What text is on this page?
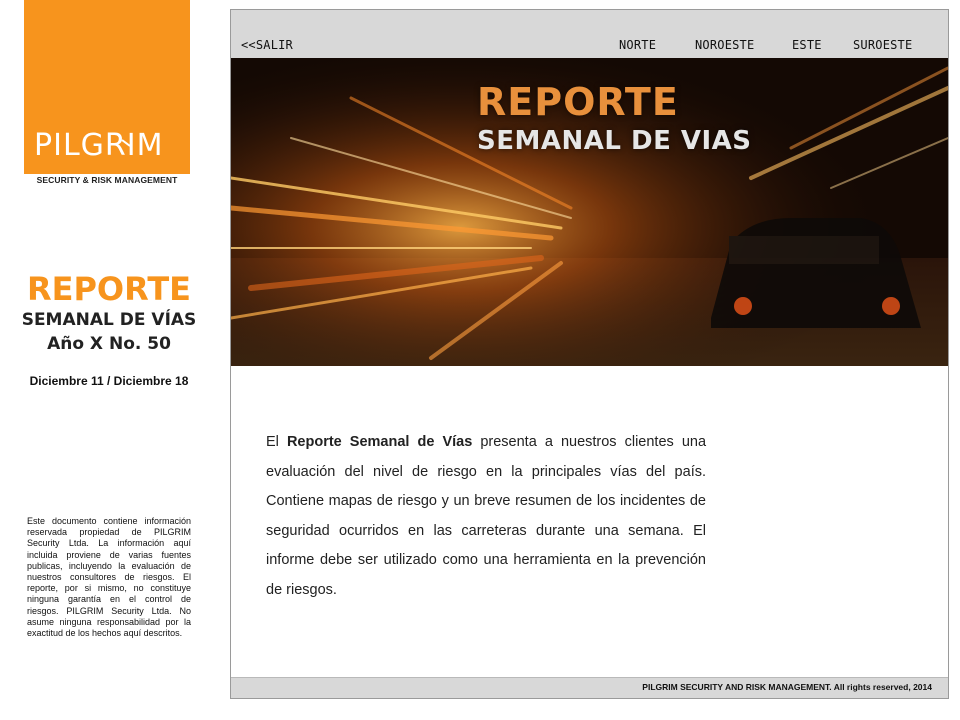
PILGRIM
SECURITY & RISK MANAGEMENT
REPORTE
SEMANAL DE VÍAS
Año X No. 50
Diciembre 11 / Diciembre 18
Este documento contiene información reservada propiedad de PILGRIM Security Ltda. La información aquí incluida proviene de varias fuentes publicas, incluyendo la evaluación de nuestros consultores de riesgos. El reporte, por si mismo, no constituye ninguna garantía en el control de riesgos. PILGRIM Security Ltda. No asume ninguna responsabilidad por la exactitud de los hechos aquí descritos.
<<SALIR	NORTE	NOROESTE	ESTE	SUROESTE
REPORTE
SEMANAL DE VIAS
PILGRIM SECURITY AND RISK MANAGEMENT. All rights reserved, 2014
El Reporte Semanal de Vías presenta a nuestros clientes una evaluación del nivel de riesgo en la principales vías del país. Contiene mapas de riesgo y un breve resumen de los incidentes de seguridad ocurridos en las carreteras durante una semana. El informe debe ser utilizado como una herramienta en la prevención de riesgos.
